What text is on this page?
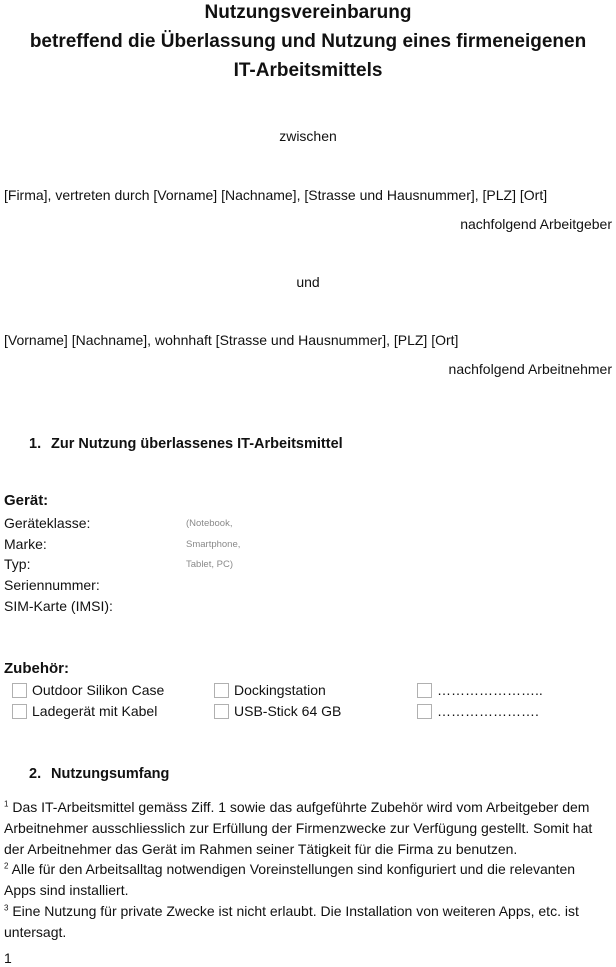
Nutzungsvereinbarung
betreffend die Überlassung und Nutzung eines firmeneigenen
IT-Arbeitsmittels
zwischen
[Firma], vertreten durch [Vorname] [Nachname], [Strasse und Hausnummer], [PLZ] [Ort]
nachfolgend Arbeitgeber
und
[Vorname] [Nachname], wohnhaft [Strasse und Hausnummer], [PLZ] [Ort]
nachfolgend Arbeitnehmer
1. Zur Nutzung überlassenes IT-Arbeitsmittel
Gerät:
Geräteklasse:	(Notebook, Smartphone, Tablet, PC)
Marke:
Typ:
Seriennummer:
SIM-Karte (IMSI):
Zubehör:
Outdoor Silikon Case	Dockingstation	…………………..
Ladegerät mit Kabel	USB-Stick 64 GB	………………….
2. Nutzungsumfang

$^1$ Das IT-Arbeitsmittel gemäss Ziff. 1 sowie das aufgeführte Zubehör wird vom Arbeitgeber dem Arbeitnehmer ausschliesslich zur Erfüllung der Firmenzwecke zur Verfügung gestellt. Somit hat der Arbeitnehmer das Gerät im Rahmen seiner Tätigkeit für die Firma zu benutzen.

$^2$ Alle für den Arbeitsalltag notwendigen Voreinstellungen sind konfiguriert und die relevanten Apps sind installiert.

$^3$ Eine Nutzung für private Zwecke ist nicht erlaubt. Die Installation von weiteren Apps, etc. ist untersagt.

1
